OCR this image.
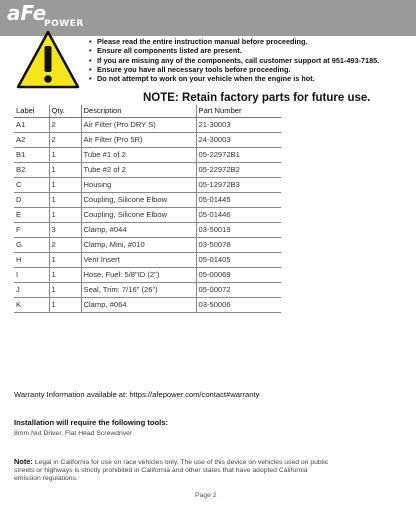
aFe
POWER
• Please read the entire instruction manual before proceeding.
• Ensure all components listed are present.
• If you are missing any of the components, call customer support at 951-493-7185.
• Ensure you have all necessary tools before proceeding.
• Do not attempt to work on your vehicle when the engine is hot.
NOTE: Retain factory parts for future use.
Label	Qty.	Description	Part Number
A1	2	Air Filter (Pro DRY S)	21-30003
A2	2	Air Filter (Pro 5R)	24-30003
B1	1	Tube #1 of 2	05-22972B1
B2	1	Tube #2 of 2	05-22972B2
C	1	Housing	05-12972B3
D	1	Coupling, Silicone Elbow	05-01445
E	1	Coupling, Silicone Elbow	05-01446
F	3	Clamp, #044	03-50019
G	2	Clamp, Mini, #010	03-50078
H	1	Vent Insert	05-01405
I	1	Hose, Fuel: 5/8"ID (2")	05-00069
J	1	Seal, Trim: 7/16" (26")	05-00072
K	1	Clamp, #064	03-50006
Warranty Information available at: https://afepower.com/contact#warranty
Installation will require the following tools:
8mm Nut Driver, Flat Head Screwdriver
Note: Legal in California for use on race vehicles only. The use of this device on vehicles used on public
streets or highways is strictly prohibited in California and other states that have adopted California
emission regulations.
Page 2
